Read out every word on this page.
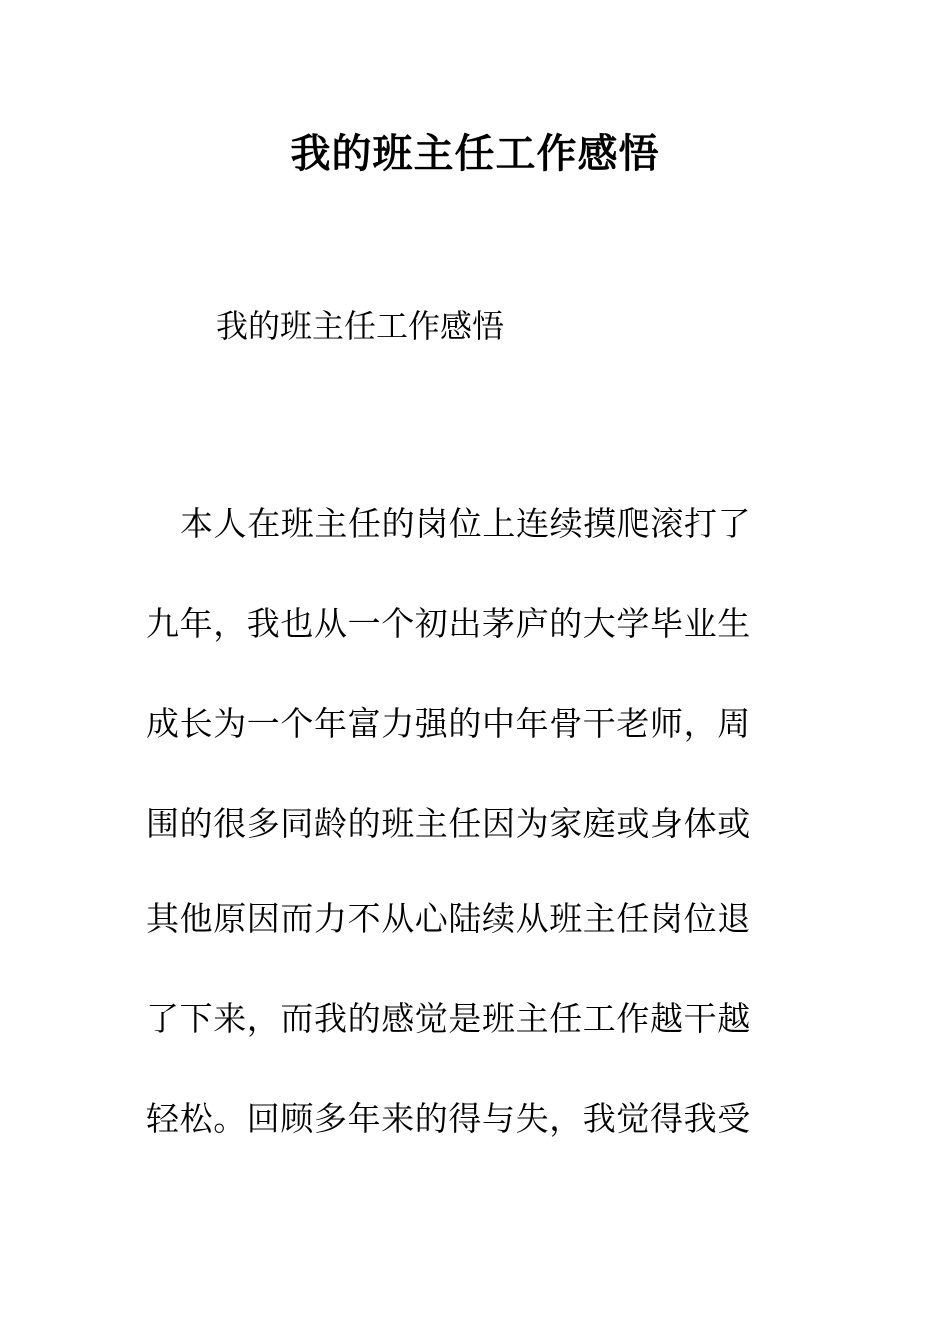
我的班主任工作感悟

我的班主任工作感悟

本人在班主任的岗位上连续摸爬滚打了

九年，我也从一个初出茅庐的大学毕业生

成长为一个年富力强的中年骨干老师，周

围的很多同龄的班主任因为家庭或身体或

其他原因而力不从心陆续从班主任岗位退

了下来，而我的感觉是班主任工作越干越

轻松。回顾多年来的得与失，我觉得我受
